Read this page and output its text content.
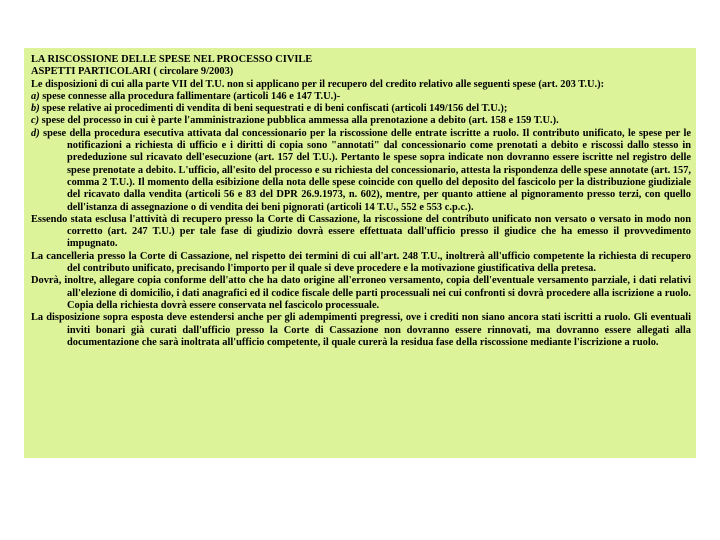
LA RISCOSSIONE DELLE SPESE NEL PROCESSO CIVILE

ASPETTI PARTICOLARI ( circolare 9/2003)

Le disposizioni di cui alla parte VII del T.U. non si applicano per il recupero del credito relativo alle seguenti spese (art. 203 T.U.):

a) spese connesse alla procedura fallimentare (articoli 146 e 147 T.U.)-

b) spese relative ai procedimenti di vendita di beni sequestrati e di beni confiscati (articoli 149/156 del T.U.);

c) spese del processo in cui è parte l'amministrazione pubblica ammessa alla prenotazione a debito (art. 158 e 159 T.U.).

d) spese della procedura esecutiva attivata dal concessionario per la riscossione delle entrate iscritte a ruolo. Il contributo unificato, le spese per le notificazioni a richiesta di ufficio e i diritti di copia sono "annotati" dal concessionario come prenotati a debito e riscossi dallo stesso in prededuzione sul ricavato dell'esecuzione (art. 157 del T.U.). Pertanto le spese sopra indicate non dovranno essere iscritte nel registro delle spese prenotate a debito. L'ufficio, all'esito del processo e su richiesta del concessionario, attesta la rispondenza delle spese annotate (art. 157, comma 2 T.U.). Il momento della esibizione della nota delle spese coincide con quello del deposito del fascicolo per la distribuzione giudiziale del ricavato dalla vendita (articoli 56 e 83 del DPR 26.9.1973, n. 602), mentre, per quanto attiene al pignoramento presso terzi, con quello dell'istanza di assegnazione o di vendita dei beni pignorati (articoli 14 T.U., 552 e 553 c.p.c.).

Essendo stata esclusa l'attività di recupero presso la Corte di Cassazione, la riscossione del contributo unificato non versato o versato in modo non corretto (art. 247 T.U.) per tale fase di giudizio dovrà essere effettuata dall'ufficio presso il giudice che ha emesso il provvedimento impugnato.

La cancelleria presso la Corte di Cassazione, nel rispetto dei termini di cui all'art. 248 T.U., inoltrerà all'ufficio competente la richiesta di recupero del contributo unificato, precisando l'importo per il quale si deve procedere e la motivazione giustificativa della pretesa.

Dovrà, inoltre, allegare copia conforme dell'atto che ha dato origine all'erroneo versamento, copia dell'eventuale versamento parziale, i dati relativi all'elezione di domicilio, i dati anagrafici ed il codice fiscale delle parti processuali nei cui confronti si dovrà procedere alla iscrizione a ruolo. Copia della richiesta dovrà essere conservata nel fascicolo processuale.

La disposizione sopra esposta deve estendersi anche per gli adempimenti pregressi, ove i crediti non siano ancora stati iscritti a ruolo. Gli eventuali inviti bonari già curati dall'ufficio presso la Corte di Cassazione non dovranno essere rinnovati, ma dovranno essere allegati alla documentazione che sarà inoltrata all'ufficio competente, il quale curerà la residua fase della riscossione mediante l'iscrizione a ruolo.
